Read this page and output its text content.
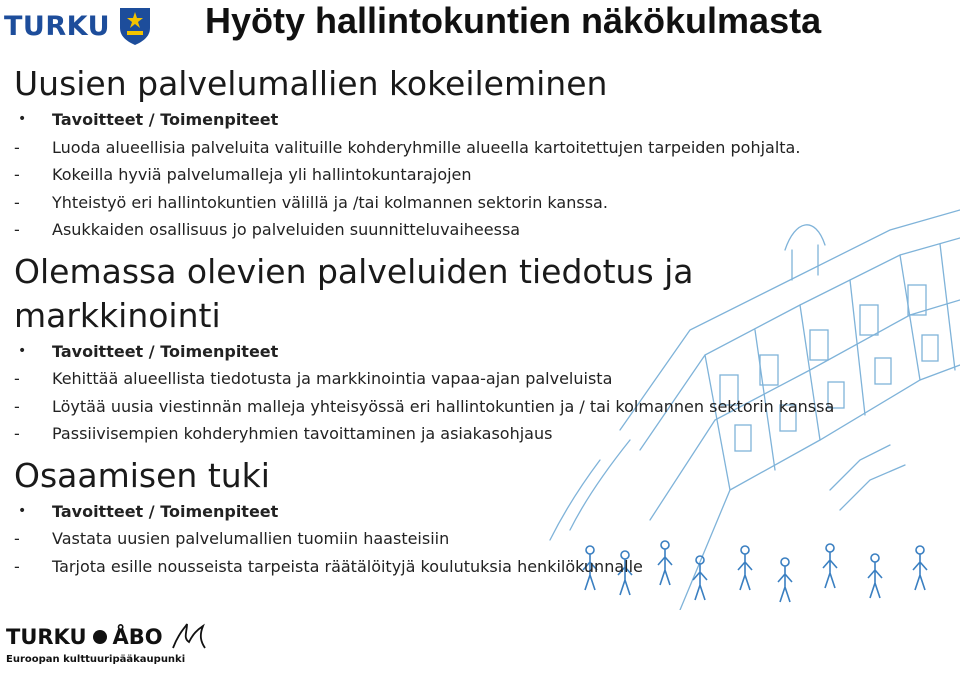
TURKU	Hyöty hallintokuntien näkökulmasta
Uusien palvelumallien kokeileminen
• Tavoitteet / Toimenpiteet
- Luoda alueellisia palveluita valituille kohderyhmille alueella kartoitettujen tarpeiden pohjalta.
- Kokeilla hyviä palvelumalleja yli hallintokuntarajojen
- Yhteistyö eri hallintokuntien välillä ja /tai kolmannen sektorin kanssa.
- Asukkaiden osallisuus jo palveluiden suunnitteluvaiheessa
Olemassa olevien palveluiden tiedotus ja
markkinointi
• Tavoitteet / Toimenpiteet
- Kehittää alueellista tiedotusta ja markkinointia vapaa-ajan palveluista
- Löytää uusia viestinnän malleja yhteisyössä eri hallintokuntien ja / tai kolmannen sektorin kanssa
- Passiivisempien kohderyhmien tavoittaminen ja asiakasohjaus
Osaamisen tuki
• Tavoitteet / Toimenpiteet
- Vastata uusien palvelumallien tuomiin haasteisiin
- Tarjota esille nousseista tarpeista räätälöityjä koulutuksia henkilökunnalle
TURKU ÅBO
Euroopan kulttuuripääkaupunki
